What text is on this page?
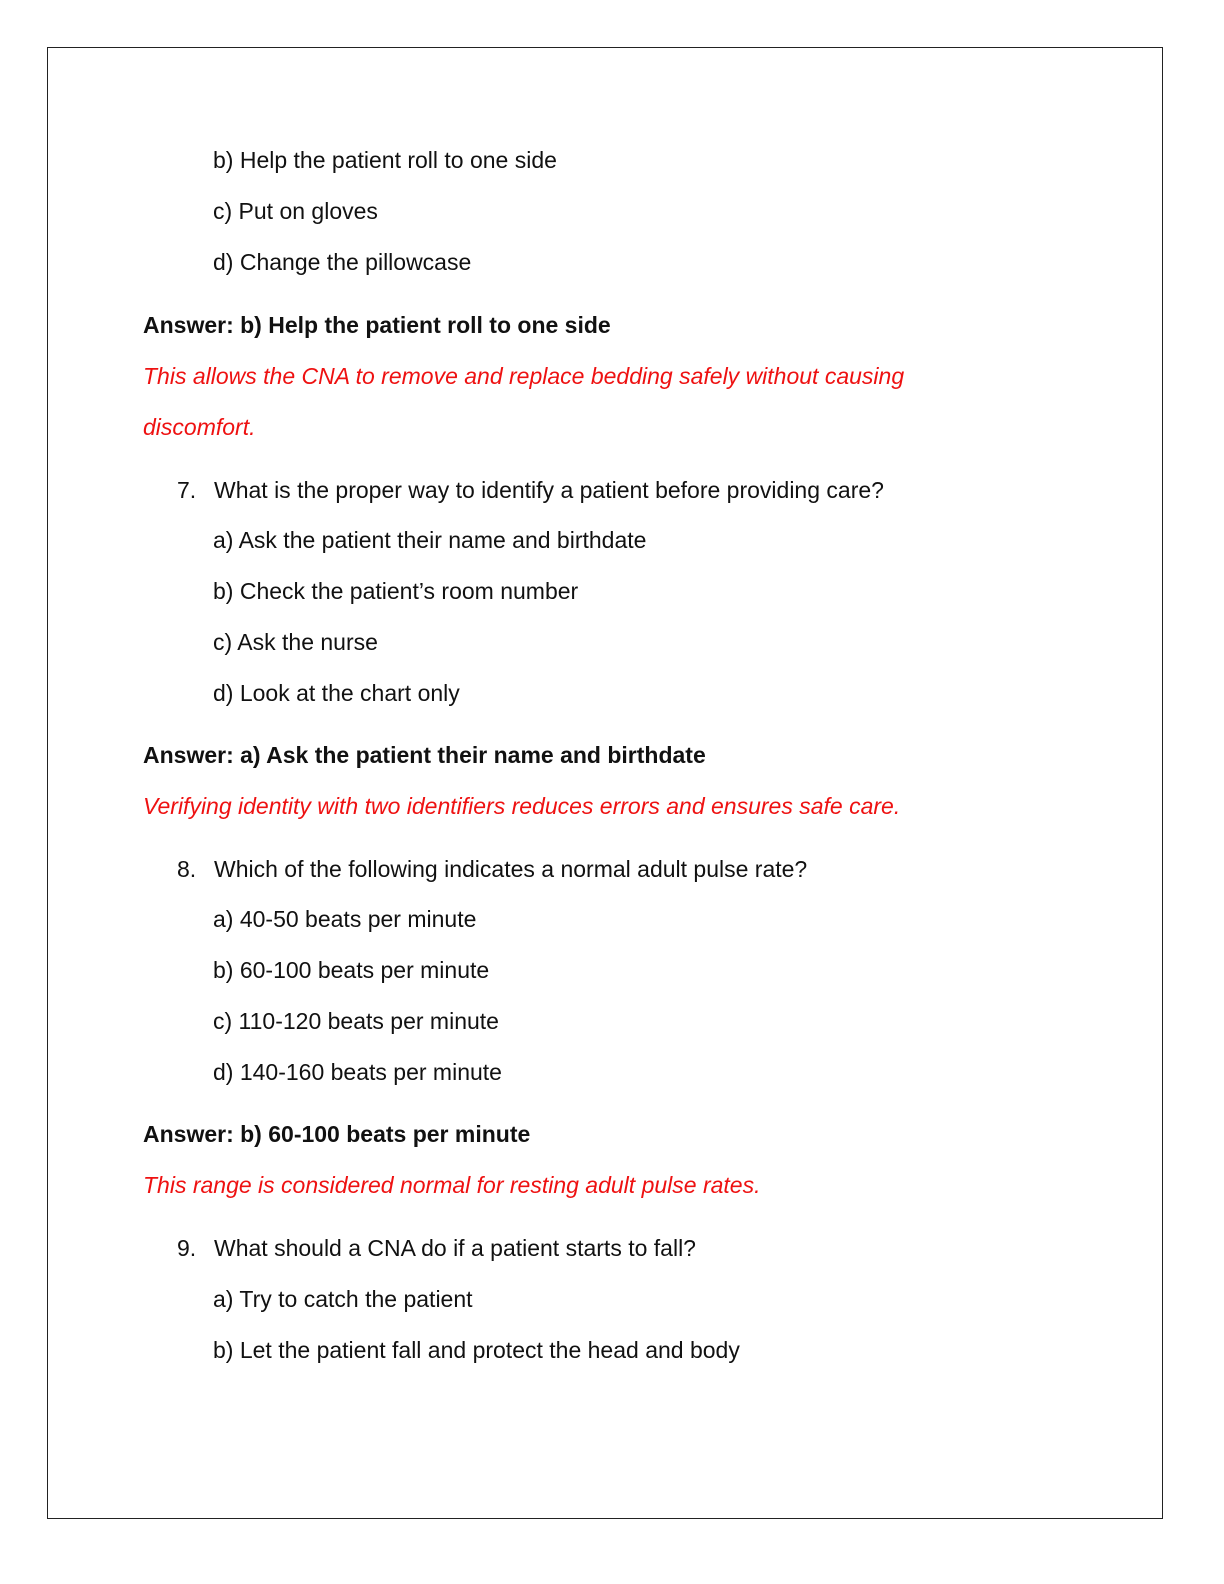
b) Help the patient roll to one side
c) Put on gloves
d) Change the pillowcase
Answer: b) Help the patient roll to one side
This allows the CNA to remove and replace bedding safely without causing
discomfort.
7. What is the proper way to identify a patient before providing care?
a) Ask the patient their name and birthdate
b) Check the patient’s room number
c) Ask the nurse
d) Look at the chart only
Answer: a) Ask the patient their name and birthdate
Verifying identity with two identifiers reduces errors and ensures safe care.
8. Which of the following indicates a normal adult pulse rate?
a) 40-50 beats per minute
b) 60-100 beats per minute
c) 110-120 beats per minute
d) 140-160 beats per minute
Answer: b) 60-100 beats per minute
This range is considered normal for resting adult pulse rates.
9. What should a CNA do if a patient starts to fall?
a) Try to catch the patient
b) Let the patient fall and protect the head and body
